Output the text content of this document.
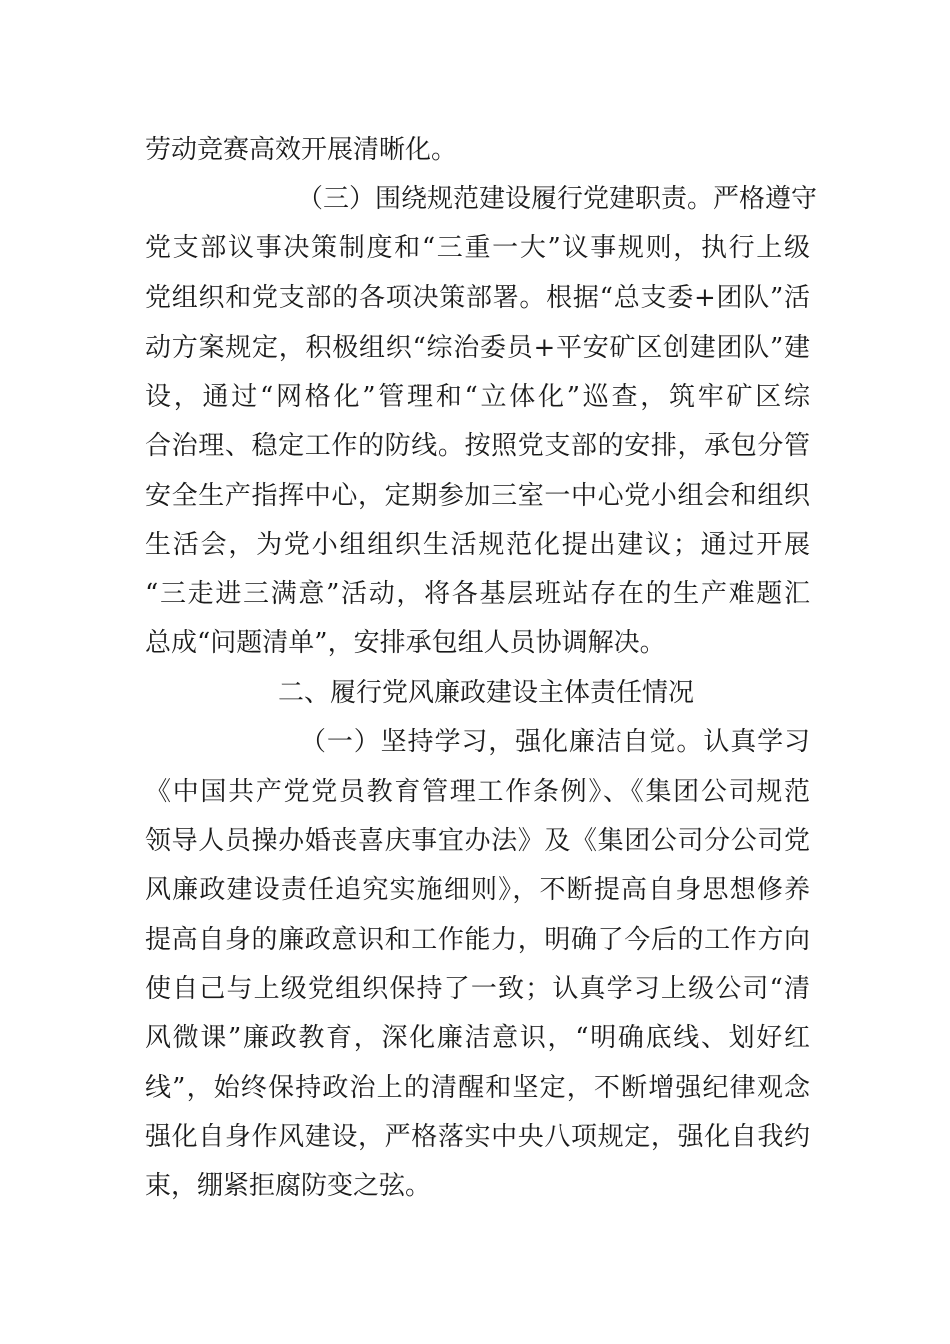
劳动竞赛高效开展清晰化。
（三）围绕规范建设履行党建职责。严格遵守
党支部议事决策制度和“三重一大”议事规则，执行上级
党组织和党支部的各项决策部署。根据“总支委+团队”活
动方案规定，积极组织“综治委员+平安矿区创建团队”建
设，通过“网格化”管理和“立体化”巡查，筑牢矿区综
合治理、稳定工作的防线。按照党支部的安排，承包分管
安全生产指挥中心，定期参加三室一中心党小组会和组织
生活会，为党小组组织生活规范化提出建议；通过开展
“三走进三满意”活动，将各基层班站存在的生产难题汇
总成“问题清单”，安排承包组人员协调解决。
二、履行党风廉政建设主体责任情况
（一）坚持学习，强化廉洁自觉。认真学习
《中国共产党党员教育管理工作条例》、《集团公司规范
领导人员操办婚丧喜庆事宜办法》及《集团公司分公司党
风廉政建设责任追究实施细则》，不断提高自身思想修养
提高自身的廉政意识和工作能力，明确了今后的工作方向
使自己与上级党组织保持了一致；认真学习上级公司“清
风微课”廉政教育，深化廉洁意识，“明确底线、划好红
线”，始终保持政治上的清醒和坚定，不断增强纪律观念
强化自身作风建设，严格落实中央八项规定，强化自我约
束，绷紧拒腐防变之弦。
